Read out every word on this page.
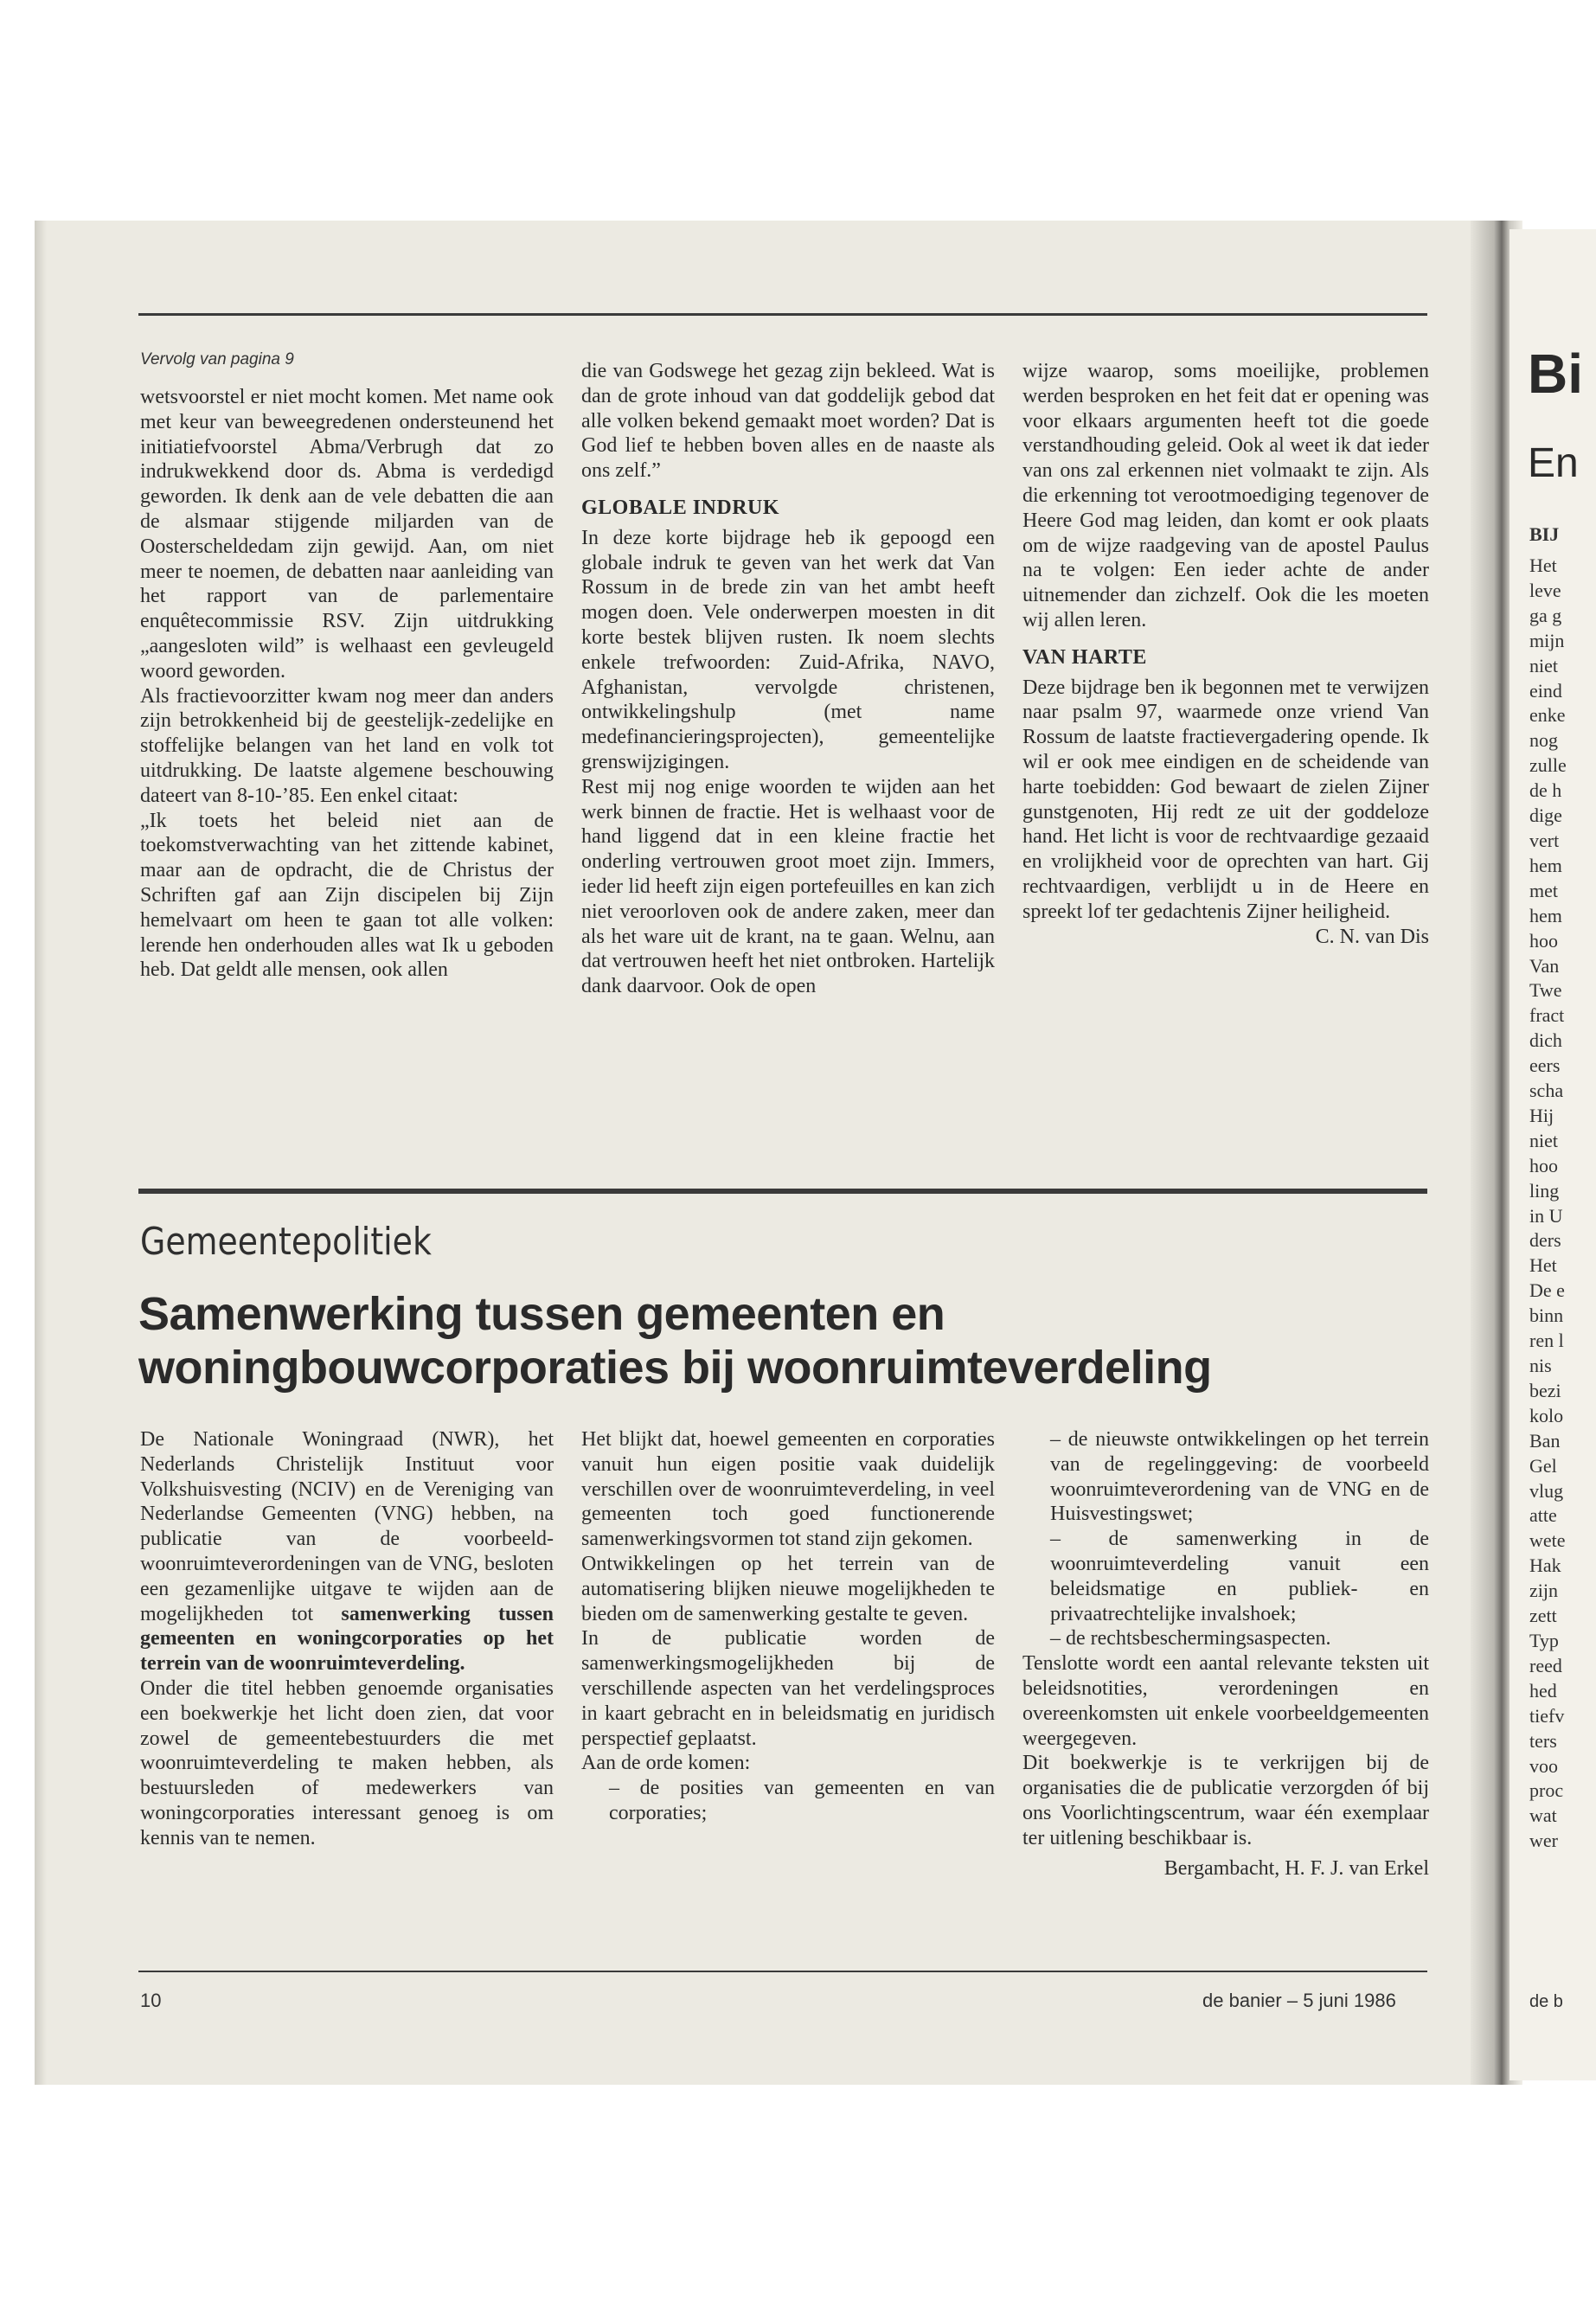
Vervolg van pagina 9

wetsvoorstel er niet mocht komen. Met name ook met keur van beweegredenen ondersteunend het initiatiefvoorstel Abma/Verbrugh dat zo indrukwekkend door ds. Abma is verdedigd geworden. Ik denk aan de vele debatten die aan de alsmaar stijgende miljarden van de Oosterscheldedam zijn gewijd. Aan, om niet meer te noemen, de debatten naar aanleiding van het rapport van de parlementaire enquêtecommissie RSV. Zijn uitdrukking „aangesloten wild” is welhaast een gevleugeld woord geworden.

Als fractievoorzitter kwam nog meer dan anders zijn betrokkenheid bij de geestelijk-zedelijke en stoffelijke belangen van het land en volk tot uitdrukking. De laatste algemene beschouwing dateert van 8-10-’85. Een enkel citaat:

„Ik toets het beleid niet aan de toekomstverwachting van het zittende kabinet, maar aan de opdracht, die de Christus der Schriften gaf aan Zijn discipelen bij Zijn hemelvaart om heen te gaan tot alle volken: lerende hen onderhouden alles wat Ik u geboden heb. Dat geldt alle mensen, ook allen

die van Godswege het gezag zijn bekleed. Wat is dan de grote inhoud van dat goddelijk gebod dat alle volken bekend gemaakt moet worden? Dat is God lief te hebben boven alles en de naaste als ons zelf.”

GLOBALE INDRUK

In deze korte bijdrage heb ik gepoogd een globale indruk te geven van het werk dat Van Rossum in de brede zin van het ambt heeft mogen doen. Vele onderwerpen moesten in dit korte bestek blijven rusten. Ik noem slechts enkele trefwoorden: Zuid-Afrika, NAVO, Afghanistan, vervolgde christenen, ontwikkelingshulp (met name medefinancieringsprojecten), gemeentelijke grenswijzigingen.

Rest mij nog enige woorden te wijden aan het werk binnen de fractie. Het is welhaast voor de hand liggend dat in een kleine fractie het onderling vertrouwen groot moet zijn. Immers, ieder lid heeft zijn eigen portefeuilles en kan zich niet veroorloven ook de andere zaken, meer dan als het ware uit de krant, na te gaan. Welnu, aan dat vertrouwen heeft het niet ontbroken. Hartelijk dank daarvoor. Ook de open

wijze waarop, soms moeilijke, problemen werden besproken en het feit dat er opening was voor elkaars argumenten heeft tot die goede verstandhouding geleid. Ook al weet ik dat ieder van ons zal erkennen niet volmaakt te zijn. Als die erkenning tot verootmoediging tegenover de Heere God mag leiden, dan komt er ook plaats om de wijze raadgeving van de apostel Paulus na te volgen: Een ieder achte de ander uitnemender dan zichzelf. Ook die les moeten wij allen leren.

VAN HARTE

Deze bijdrage ben ik begonnen met te verwijzen naar psalm 97, waarmede onze vriend Van Rossum de laatste fractievergadering opende. Ik wil er ook mee eindigen en de scheidende van harte toebidden: God bewaart de zielen Zijner gunstgenoten, Hij redt ze uit der goddeloze hand. Het licht is voor de rechtvaardige gezaaid en vrolijkheid voor de oprechten van hart. Gij rechtvaardigen, verblijdt u in de Heere en spreekt lof ter gedachtenis Zijner heiligheid.

C. N. van Dis

Gemeentepolitiek
Samenwerking tussen gemeenten en
woningbouwcorporaties bij woonruimteverdeling

De Nationale Woningraad (NWR), het Nederlands Christelijk Instituut voor Volkshuisvesting (NCIV) en de Vereniging van Nederlandse Gemeenten (VNG) hebben, na publicatie van de voorbeeld-woonruimteverordeningen van de VNG, besloten een gezamenlijke uitgave te wijden aan de mogelijkheden tot samenwerking tussen gemeenten en woningcorporaties op het terrein van de woonruimteverdeling.

Onder die titel hebben genoemde organisaties een boekwerkje het licht doen zien, dat voor zowel de gemeentebestuurders die met woonruimteverdeling te maken hebben, als bestuursleden of medewerkers van woningcorporaties interessant genoeg is om kennis van te nemen.

Het blijkt dat, hoewel gemeenten en corporaties vanuit hun eigen positie vaak duidelijk verschillen over de woonruimteverdeling, in veel gemeenten toch goed functionerende samenwerkingsvormen tot stand zijn gekomen.

Ontwikkelingen op het terrein van de automatisering blijken nieuwe mogelijkheden te bieden om de samenwerking gestalte te geven.

In de publicatie worden de samenwerkingsmogelijkheden bij de verschillende aspecten van het verdelingsproces in kaart gebracht en in beleidsmatig en juridisch perspectief geplaatst.

Aan de orde komen:

– de posities van gemeenten en van corporaties;

– de nieuwste ontwikkelingen op het terrein van de regelinggeving: de voorbeeld woonruimteverordening van de VNG en de Huisvestingswet;

– de samenwerking in de woonruimteverdeling vanuit een beleidsmatige en publiek- en privaatrechtelijke invalshoek;

– de rechtsbeschermingsaspecten.

Tenslotte wordt een aantal relevante teksten uit beleidsnotities, verordeningen en overeenkomsten uit enkele voorbeeldgemeenten weergegeven.

Dit boekwerkje is te verkrijgen bij de organisaties die de publicatie verzorgden óf bij ons Voorlichtingscentrum, waar één exemplaar ter uitlening beschikbaar is.

Bergambacht, H. F. J. van Erkel

10	de banier – 5 juni 1986
Bi
En
BIJ
Het
leve
ga g
mijn
niet
eind
enke
nog
zulle
de h
dige
vert
hem
met
hem
hoo
Van
Twe
fract
dich
eers
scha
Hij
niet
hoo
ling
in U
ders
Het
De e
binn
ren l
nis
bezi
kolo
Ban
Gel
vlug
atte
wete
Hak
zijn
zett
Typ
reed
hed
tiefv
ters
voo
proc
wat
wer
de b
